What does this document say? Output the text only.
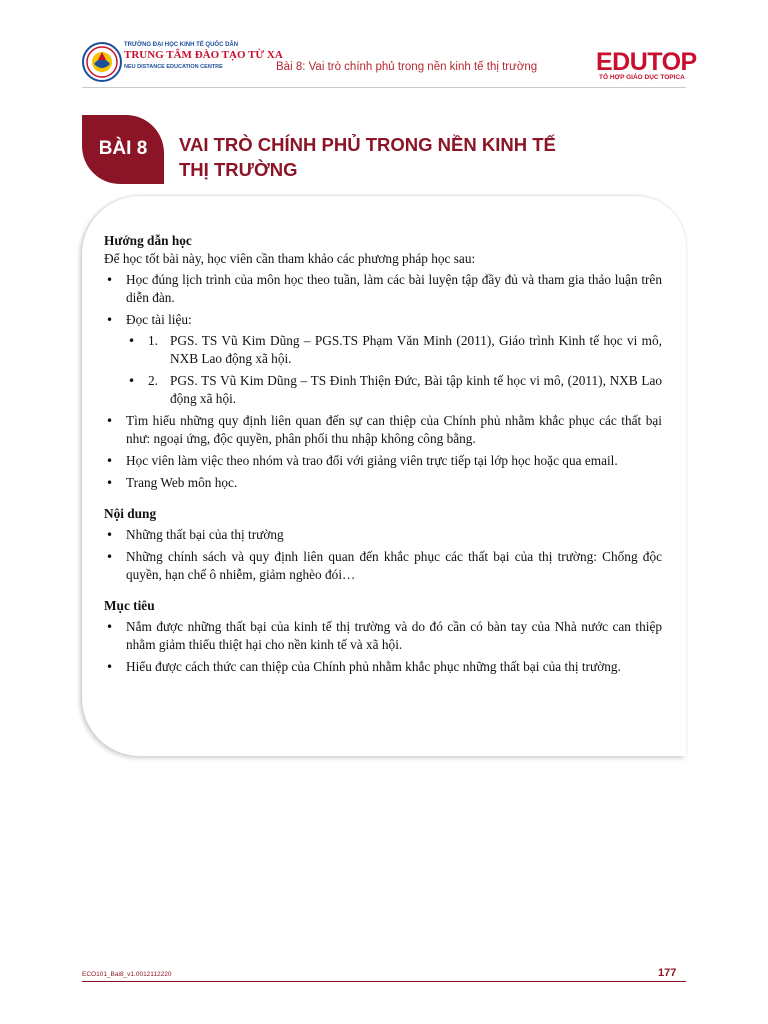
TRƯỜNG ĐẠI HỌC KINH TẾ QUỐC DÂN
TRUNG TÂM ĐÀO TẠO TỪ XA
NEU DISTANCE EDUCATION CENTRE	Bài 8: Vai trò chính phủ trong nền kinh tế thị trường EDUTOP
TỔ HỢP GIÁO DỤC TOPICA
BÀI 8	VAI TRÒ CHÍNH PHỦ TRONG NỀN KINH TẾ
THỊ TRƯỜNG

Hướng dẫn học

Để học tốt bài này, học viên cần tham khảo các phương pháp học sau:

• Học đúng lịch trình của môn học theo tuần, làm các bài luyện tập đầy đủ và tham gia thảo luận trên diễn đàn.
• Đọc tài liệu:
• 1. PGS. TS Vũ Kim Dũng – PGS.TS Phạm Văn Minh (2011), Giáo trình Kinh tế học vi mô, NXB Lao động xã hội.
• 2. PGS. TS Vũ Kim Dũng – TS Đinh Thiện Đức, Bài tập kinh tế học vi mô, (2011), NXB Lao động xã hội.
• Tìm hiểu những quy định liên quan đến sự can thiệp của Chính phủ nhằm khắc phục các thất bại như: ngoại ứng, độc quyền, phân phối thu nhập không công bằng.
• Học viên làm việc theo nhóm và trao đổi với giảng viên trực tiếp tại lớp học hoặc qua email.
• Trang Web môn học.

Nội dung

• Những thất bại của thị trường
• Những chính sách và quy định liên quan đến khắc phục các thất bại của thị trường: Chống độc quyền, hạn chế ô nhiễm, giảm nghèo đói…

Mục tiêu

• Nắm được những thất bại của kinh tế thị trường và do đó cần có bàn tay của Nhà nước can thiệp nhằm giảm thiểu thiệt hại cho nền kinh tế và xã hội.
• Hiểu được cách thức can thiệp của Chính phủ nhằm khắc phục những thất bại của thị trường.
ECO101_Bai8_v1.0012112220	177
